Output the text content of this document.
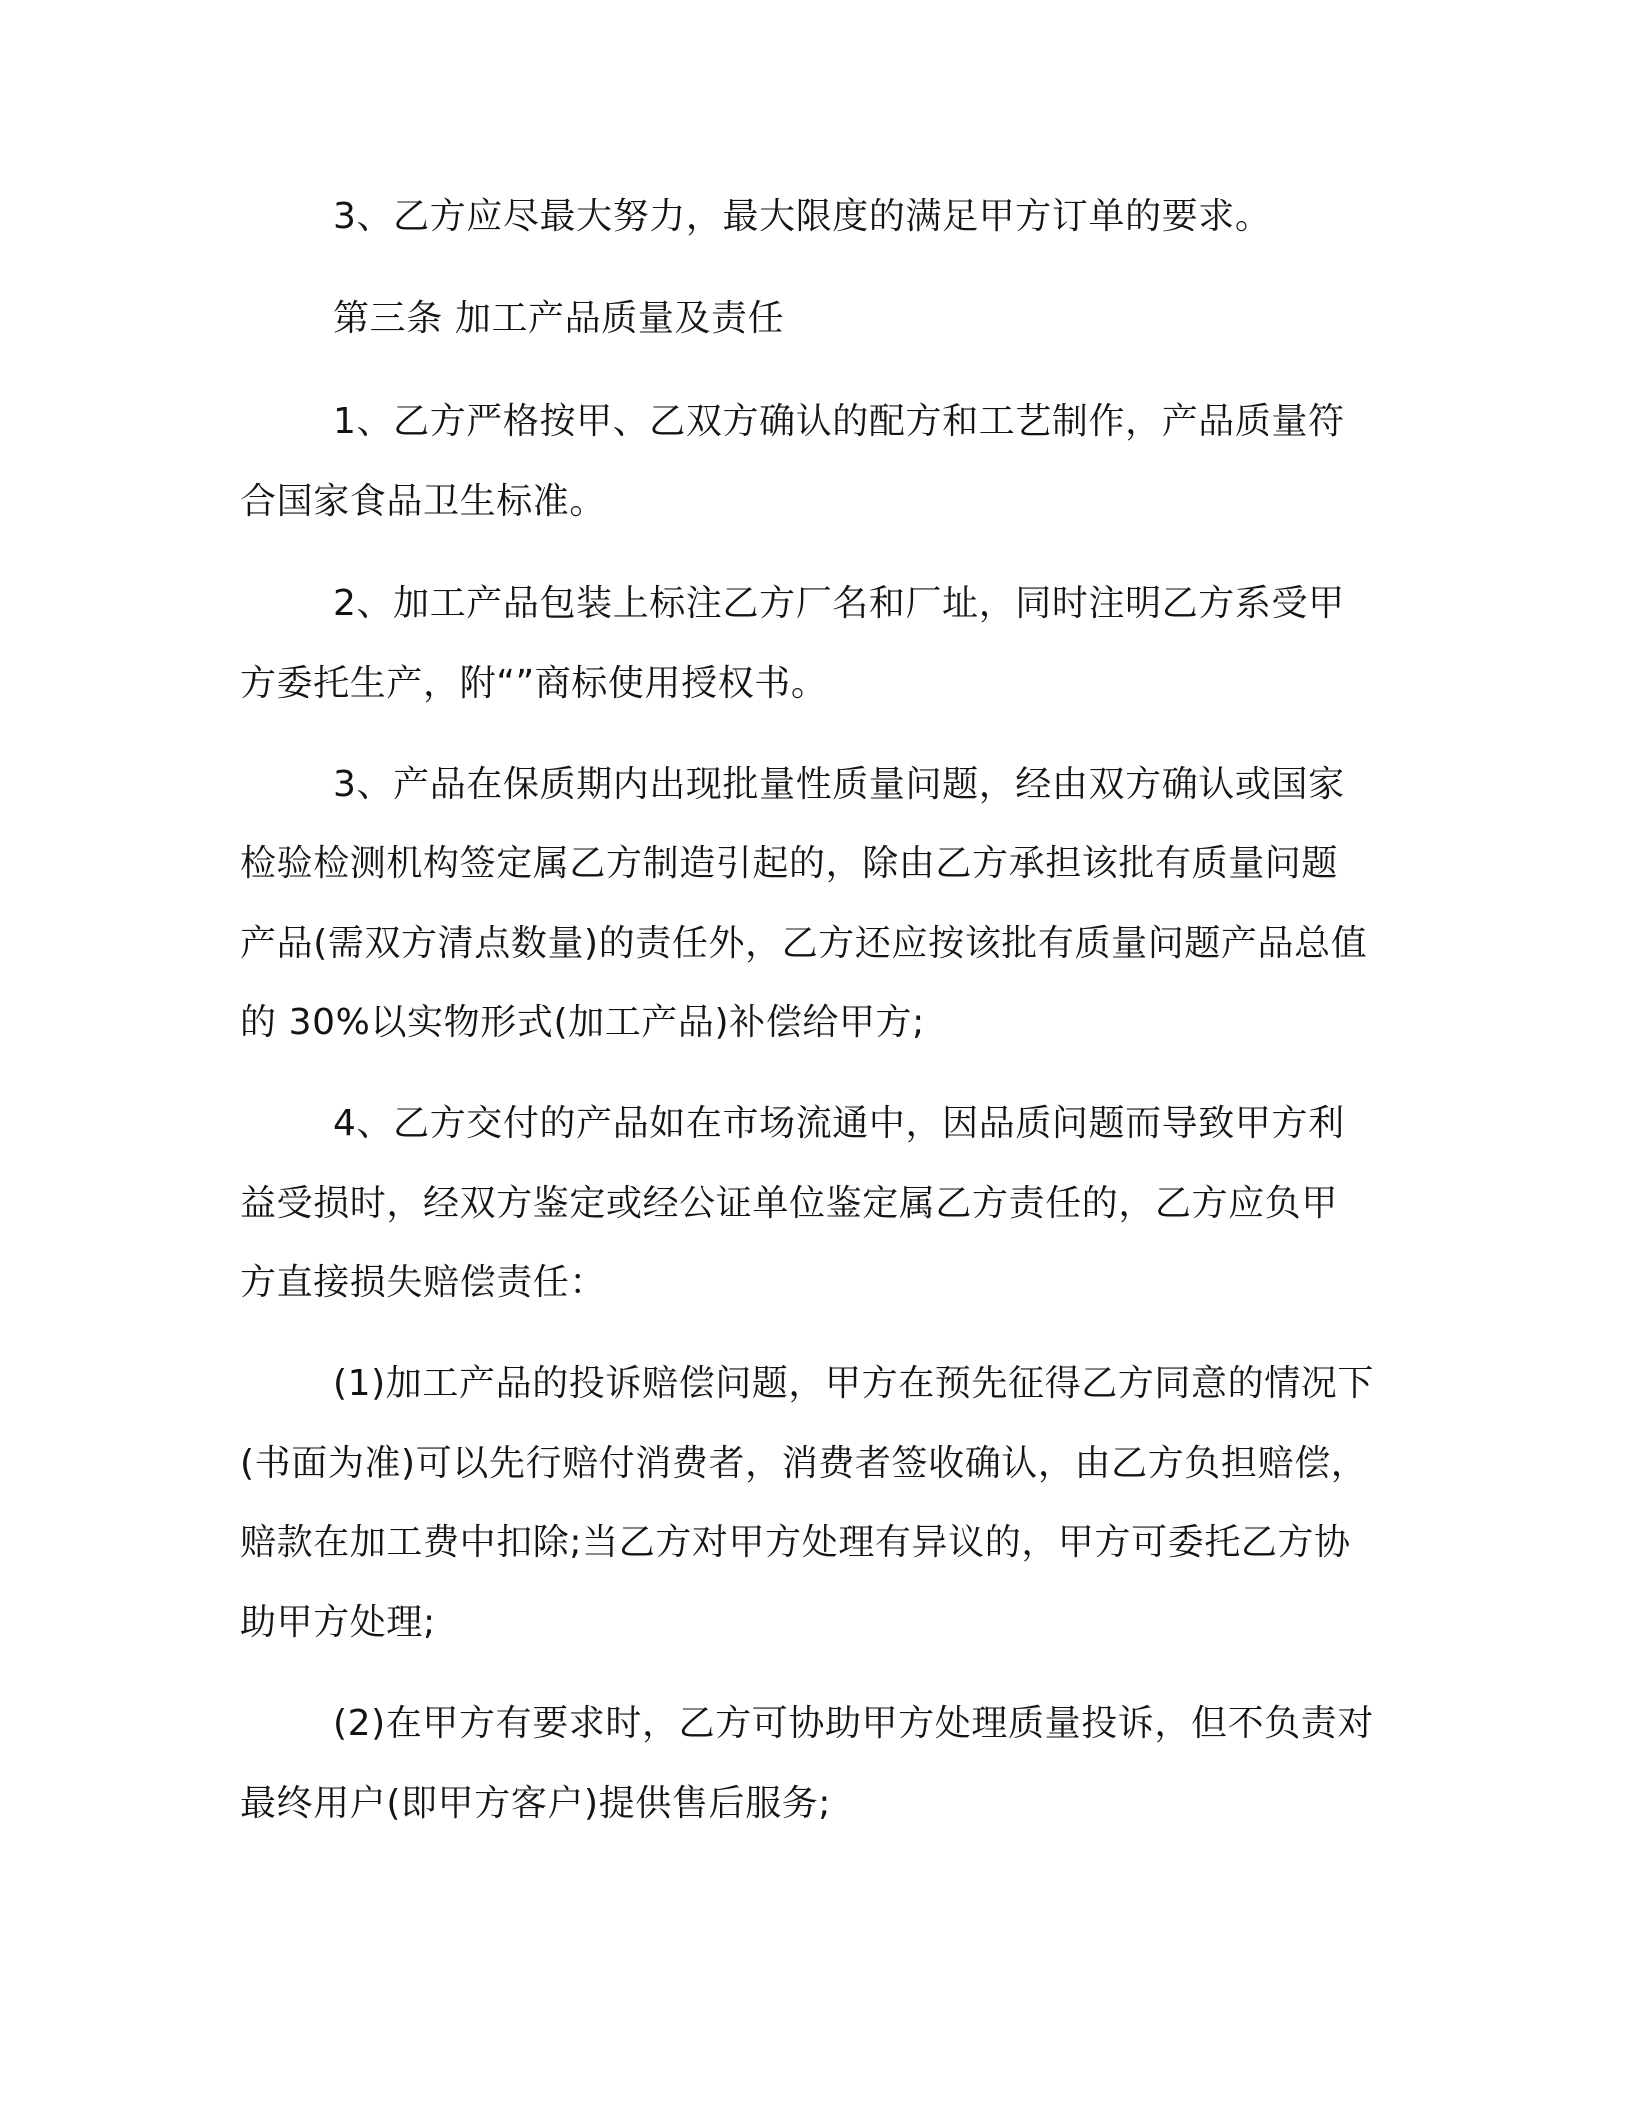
3、乙方应尽最大努力，最大限度的满足甲方订单的要求。
第三条 加工产品质量及责任
1、乙方严格按甲、乙双方确认的配方和工艺制作，产品质量符
合国家食品卫生标准。
2、加工产品包装上标注乙方厂名和厂址，同时注明乙方系受甲
方委托生产，附“”商标使用授权书。
3、产品在保质期内出现批量性质量问题，经由双方确认或国家
检验检测机构签定属乙方制造引起的，除由乙方承担该批有质量问题
产品(需双方清点数量)的责任外，乙方还应按该批有质量问题产品总值
的 30%以实物形式(加工产品)补偿给甲方;
4、乙方交付的产品如在市场流通中，因品质问题而导致甲方利
益受损时，经双方鉴定或经公证单位鉴定属乙方责任的，乙方应负甲
方直接损失赔偿责任：
(1)加工产品的投诉赔偿问题，甲方在预先征得乙方同意的情况下
(书面为准)可以先行赔付消费者，消费者签收确认，由乙方负担赔偿，
赔款在加工费中扣除;当乙方对甲方处理有异议的，甲方可委托乙方协
助甲方处理;
(2)在甲方有要求时，乙方可协助甲方处理质量投诉，但不负责对
最终用户(即甲方客户)提供售后服务;
